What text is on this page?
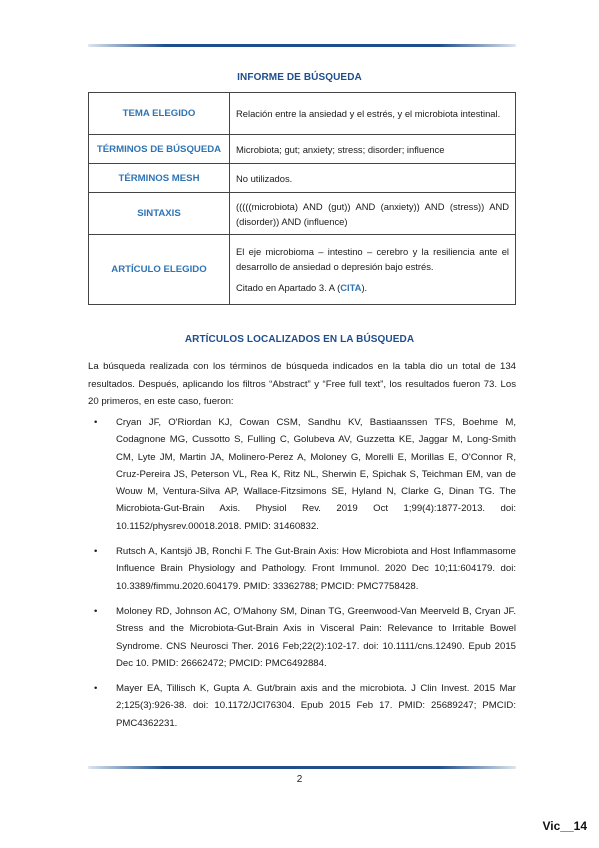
INFORME DE BÚSQUEDA
TEMA ELEGIDO	Relación entre la ansiedad y el estrés, y el microbiota intestinal.
TÉRMINOS DE BÚSQUEDA	Microbiota; gut; anxiety; stress; disorder; influence
TÉRMINOS MESH	No utilizados.
SINTAXIS	(((((microbiota) AND (gut)) AND (anxiety)) AND (stress)) AND (disorder)) AND (influence)
ARTÍCULO ELEGIDO	El eje microbioma – intestino – cerebro y la resiliencia ante el desarrollo de ansiedad o depresión bajo estrés.
Citado en Apartado 3. A (CITA).
ARTÍCULOS LOCALIZADOS EN LA BÚSQUEDA
La búsqueda realizada con los términos de búsqueda indicados en la tabla dio un total de 134 resultados. Después, aplicando los filtros “Abstract” y “Free full text”, los resultados fueron 73. Los 20 primeros, en este caso, fueron:
• Cryan JF, O'Riordan KJ, Cowan CSM, Sandhu KV, Bastiaanssen TFS, Boehme M, Codagnone MG, Cussotto S, Fulling C, Golubeva AV, Guzzetta KE, Jaggar M, Long-Smith CM, Lyte JM, Martin JA, Molinero-Perez A, Moloney G, Morelli E, Morillas E, O'Connor R, Cruz-Pereira JS, Peterson VL, Rea K, Ritz NL, Sherwin E, Spichak S, Teichman EM, van de Wouw M, Ventura-Silva AP, Wallace-Fitzsimons SE, Hyland N, Clarke G, Dinan TG. The Microbiota-Gut-Brain Axis. Physiol Rev. 2019 Oct 1;99(4):1877-2013. doi: 10.1152/physrev.00018.2018. PMID: 31460832.
• Rutsch A, Kantsjö JB, Ronchi F. The Gut-Brain Axis: How Microbiota and Host Inflammasome Influence Brain Physiology and Pathology. Front Immunol. 2020 Dec 10;11:604179. doi: 10.3389/fimmu.2020.604179. PMID: 33362788; PMCID: PMC7758428.
• Moloney RD, Johnson AC, O'Mahony SM, Dinan TG, Greenwood-Van Meerveld B, Cryan JF. Stress and the Microbiota-Gut-Brain Axis in Visceral Pain: Relevance to Irritable Bowel Syndrome. CNS Neurosci Ther. 2016 Feb;22(2):102-17. doi: 10.1111/cns.12490. Epub 2015 Dec 10. PMID: 26662472; PMCID: PMC6492884.
• Mayer EA, Tillisch K, Gupta A. Gut/brain axis and the microbiota. J Clin Invest. 2015 Mar 2;125(3):926-38. doi: 10.1172/JCI76304. Epub 2015 Feb 17. PMID: 25689247; PMCID: PMC4362231.
2
Vic__14
